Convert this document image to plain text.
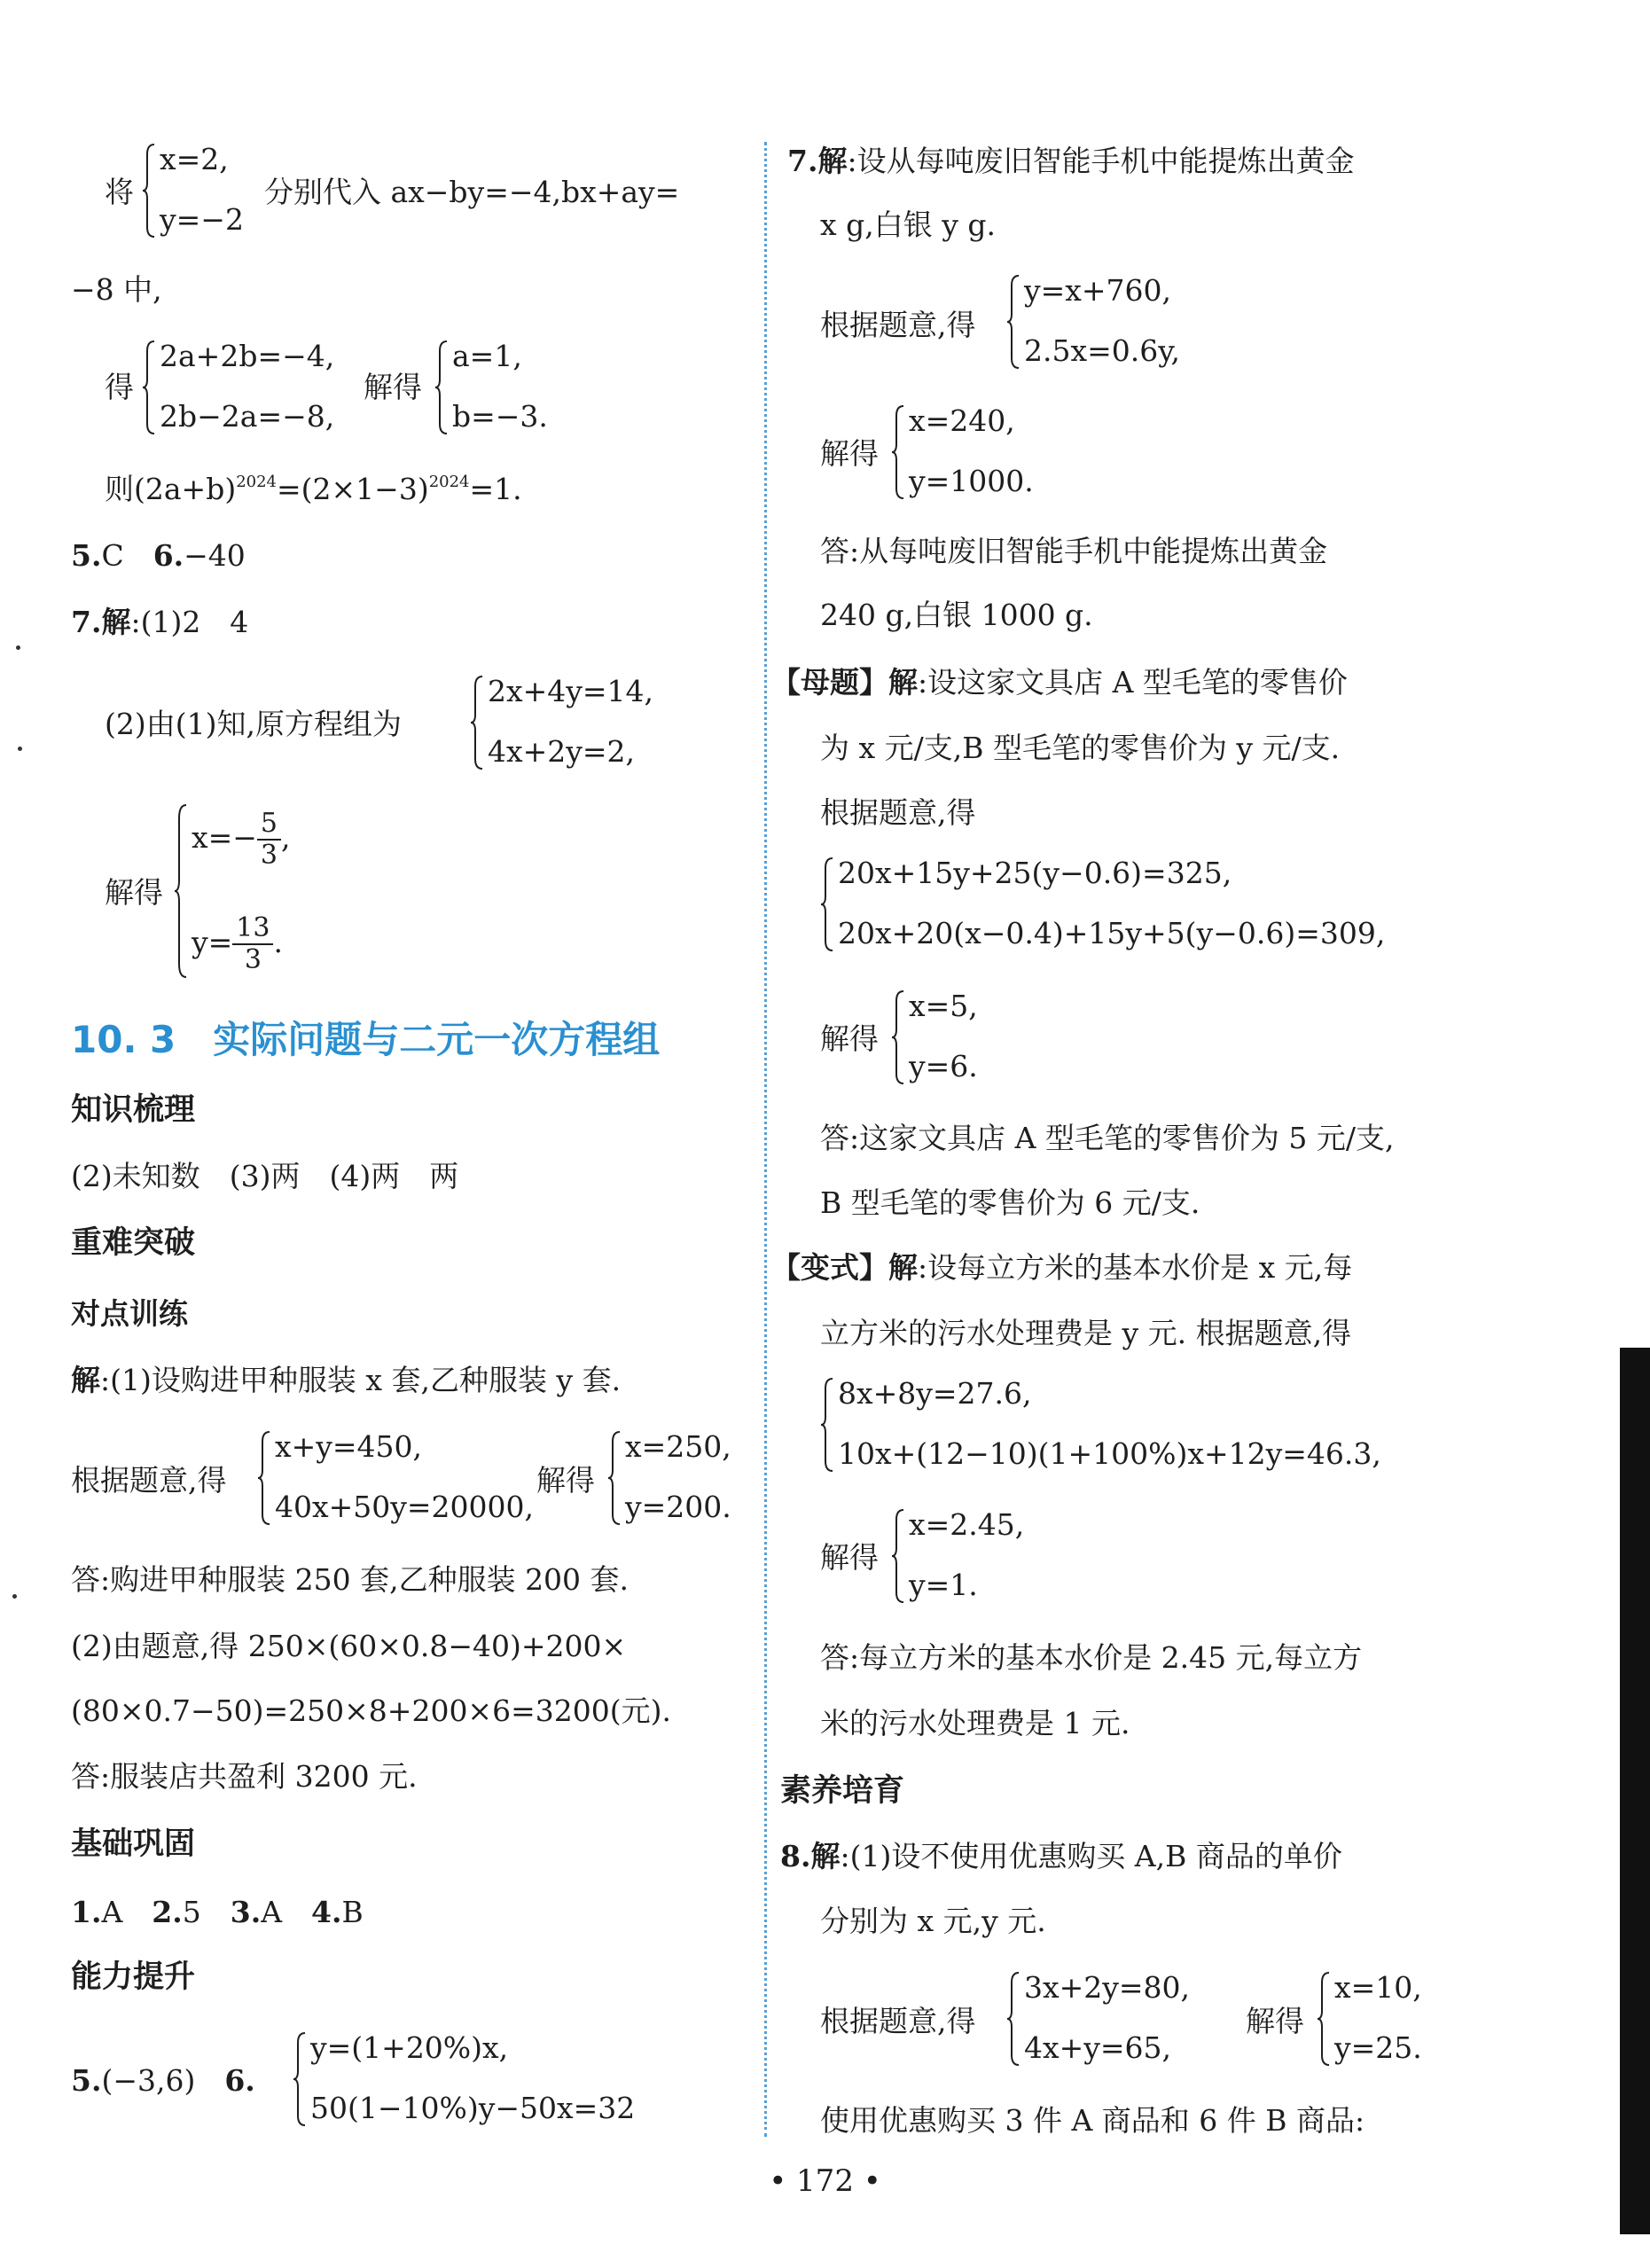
将
x=2,
y=−2
分别代入 ax−by=−4,bx+ay=
−8 中,
得
2a+2b=−4,
2b−2a=−8,
解得
a=1,
b=−3.
则$(2a+b)^{2024}=(2\times 1-3)^{2024}=1$.
5.C　 6.−40
7.解:(1)2　4
(2)由(1)知,原方程组为
2x+4y=14,
4x+2y=2,
解得
$x=- \frac{5}{3}$ ,
$y= \frac{13}{3}$ .
10. 3　实际问题与二元一次方程组
知识梳理
(2)未知数　(3)两　(4)两　两
重难突破
对点训练
解:(1)设购进甲种服装 x 套,乙种服装 y 套.
根据题意,得
x+y=450,
40x+50y=20000,
解得
x=250,
y=200.
答:购进甲种服装 250 套,乙种服装 200 套.
(2)由题意,得 250×(60×0.8−40)+200×
(80×0.7−50)=250×8+200×6=3200(元).
答:服装店共盈利 3200 元.
基础巩固
1.A　 2.5　 3.A　 4.B
能力提升
5.(−3,6)　 6.
y=(1+20%)x,
50(1−10%)y−50x=32
7.解:设从每吨废旧智能手机中能提炼出黄金
x g,白银 y g.
根据题意,得
y=x+760,
2.5x=0.6y,
解得
x=240,
y=1000.
答:从每吨废旧智能手机中能提炼出黄金
240 g,白银 1000 g.
【母题】解:设这家文具店 A 型毛笔的零售价
为 x 元/支,B 型毛笔的零售价为 y 元/支.
根据题意,得
20x+15y+25(y−0.6)=325,
20x+20(x−0.4)+15y+5(y−0.6)=309,
解得
x=5,
y=6.
答:这家文具店 A 型毛笔的零售价为 5 元/支,
B 型毛笔的零售价为 6 元/支.
【变式】解:设每立方米的基本水价是 x 元,每
立方米的污水处理费是 y 元. 根据题意,得
8x+8y=27.6,
10x+(12−10)(1+100%)x+12y=46.3,
解得
x=2.45,
y=1.
答:每立方米的基本水价是 2.45 元,每立方
米的污水处理费是 1 元.
素养培育
8.解:(1)设不使用优惠购买 A,B 商品的单价
分别为 x 元,y 元.
根据题意,得
3x+2y=80,
4x+y=65,
解得
x=10,
y=25.
使用优惠购买 3 件 A 商品和 6 件 B 商品:
• 172 •
